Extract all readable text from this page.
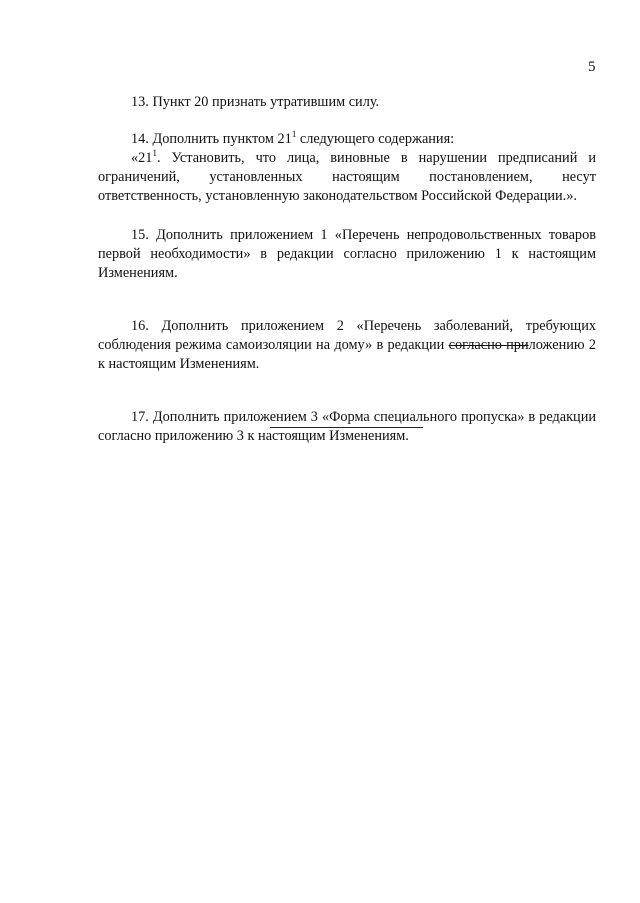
5

13. Пункт 20 признать утратившим силу.

14. Дополнить пунктом $21^1$ следующего содержания:

«$21^1$. Установить, что лица, виновные в нарушении предписаний и ограничений, установленных настоящим постановлением, несут ответственность, установленную законодательством Российской Федерации.».

15. Дополнить приложением 1 «Перечень непродовольственных товаров первой необходимости» в редакции согласно приложению 1 к настоящим Изменениям.

16. Дополнить приложением 2 «Перечень заболеваний, требующих соблюдения режима самоизоляции на дому» в редакции согласно приложению 2 к настоящим Изменениям.

17. Дополнить приложением 3 «Форма специального пропуска» в редакции согласно приложению 3 к настоящим Изменениям.
